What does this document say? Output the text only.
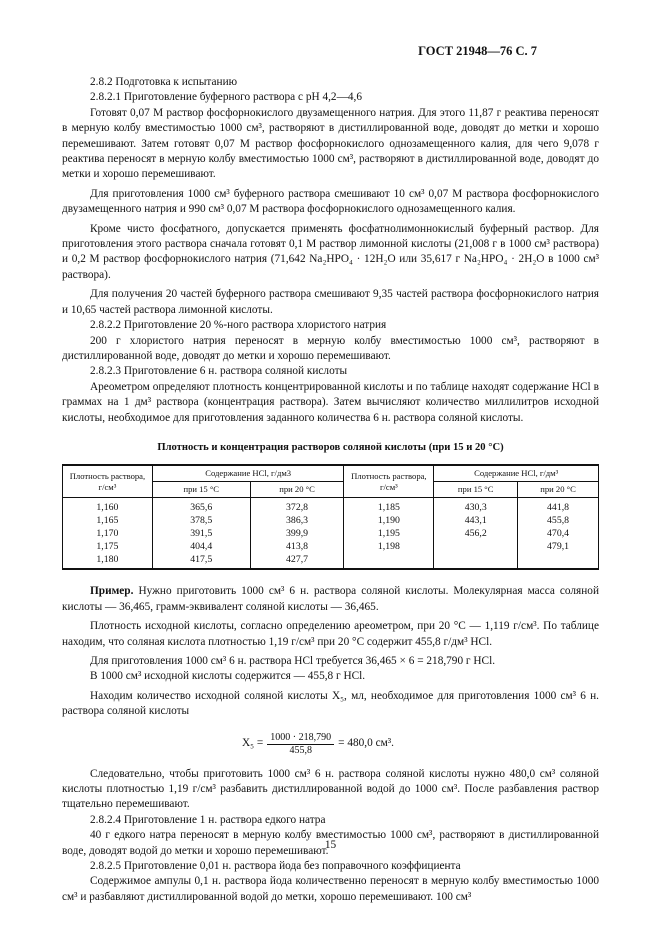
ГОСТ 21948—76 С. 7

2.8.2 Подготовка к испытанию

2.8.2.1 Приготовление буферного раствора с рН 4,2—4,6

Готовят 0,07 М раствор фосфорнокислого двузамещенного натрия. Для этого 11,87 г реактива переносят в мерную колбу вместимостью 1000 см³, растворяют в дистиллированной воде, доводят до метки и хорошо перемешивают. Затем готовят 0,07 М раствор фосфорнокислого однозамещенного калия, для чего 9,078 г реактива переносят в мерную колбу вместимостью 1000 см³, растворяют в дистиллированной воде, доводят до метки и хорошо перемешивают.

Для приготовления 1000 см³ буферного раствора смешивают 10 см³ 0,07 М раствора фосфорнокислого двузамещенного натрия и 990 см³ 0,07 М раствора фосфорнокислого однозамещенного калия.

Кроме чисто фосфатного, допускается применять фосфатнолимоннокислый буферный раствор. Для приготовления этого раствора сначала готовят 0,1 М раствор лимонной кислоты (21,008 г в 1000 см³ раствора) и 0,2 М раствор фосфорнокислого натрия (71,642 Na₂HPO₄ · 12H₂O или 35,617 г Na₂HPO₄ · 2H₂O в 1000 см³ раствора).

Для получения 20 частей буферного раствора смешивают 9,35 частей раствора фосфорнокислого натрия и 10,65 частей раствора лимонной кислоты.

2.8.2.2 Приготовление 20 %-ного раствора хлористого натрия

200 г хлористого натрия переносят в мерную колбу вместимостью 1000 см³, растворяют в дистиллированной воде, доводят до метки и хорошо перемешивают.

2.8.2.3 Приготовление 6 н. раствора соляной кислоты

Ареометром определяют плотность концентрированной кислоты и по таблице находят содержание HCl в граммах на 1 дм³ раствора (концентрация раствора). Затем вычисляют количество миллилитров исходной кислоты, необходимое для приготовления заданного количества 6 н. раствора соляной кислоты.

Плотность и концентрация растворов соляной кислоты (при 15 и 20 °С)
Плотность раствора, г/см³	Содержание HCl, г/дм3		Плотность раствора, г/см³	Содержание HCl, г/дм³	
	при 15 °С	при 20 °С		при 15 °С	при 20 °С
1,160	365,6	372,8	1,185	430,3	441,8
1,165	378,5	386,3	1,190	443,1	455,8
1,170	391,5	399,9	1,195	456,2	470,4
1,175	404,4	413,8	1,198		479,1
1,180	417,5	427,7			

Пример. Нужно приготовить 1000 см³ 6 н. раствора соляной кислоты. Молекулярная масса соляной кислоты — 36,465, грамм-эквивалент соляной кислоты — 36,465.

Плотность исходной кислоты, согласно определению ареометром, при 20 °С — 1,119 г/см³. По таблице находим, что соляная кислота плотностью 1,19 г/см³ при 20 °С содержит 455,8 г/дм³ HCl.

Для приготовления 1000 см³ 6 н. раствора HCl требуется 36,465 × 6 = 218,790 г HCl.

В 1000 см³ исходной кислоты содержится — 455,8 г HCl.

Находим количество исходной соляной кислоты X₅, мл, необходимое для приготовления 1000 см³ 6 н. раствора соляной кислоты

$X_5 = \frac{1000 \cdot 218,790}{455,8} = 480,0$ см³.

Следовательно, чтобы приготовить 1000 см³ 6 н. раствора соляной кислоты нужно 480,0 см³ соляной кислоты плотностью 1,19 г/см³ разбавить дистиллированной водой до 1000 см³. После разбавления раствор тщательно перемешивают.

2.8.2.4 Приготовление 1 н. раствора едкого натра

40 г едкого натра переносят в мерную колбу вместимостью 1000 см³, растворяют в дистиллированной воде, доводят водой до метки и хорошо перемешивают.

2.8.2.5 Приготовление 0,01 н. раствора йода без поправочного коэффициента

Содержимое ампулы 0,1 н. раствора йода количественно переносят в мерную колбу вместимостью 1000 см³ и разбавляют дистиллированной водой до метки, хорошо перемешивают. 100 см³

15
